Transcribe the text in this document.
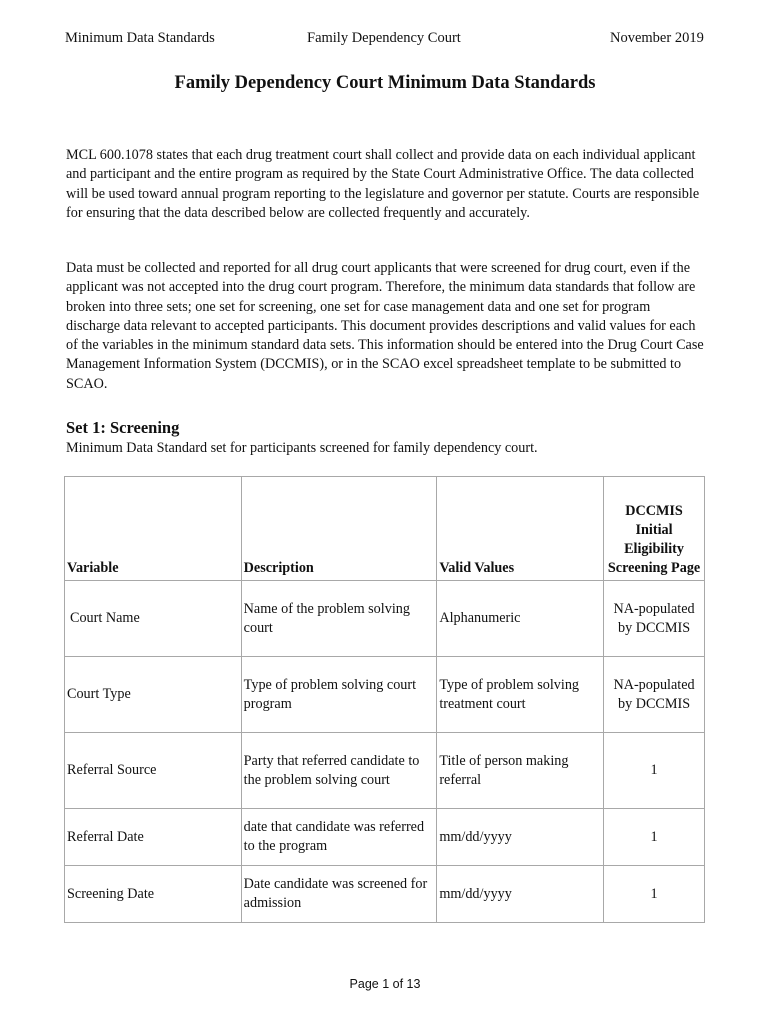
Minimum Data Standards	Family Dependency Court	November 2019
Family Dependency Court Minimum Data Standards

MCL 600.1078 states that each drug treatment court shall collect and provide data on each individual applicant and participant and the entire program as required by the State Court Administrative Office. The data collected will be used toward annual program reporting to the legislature and governor per statute. Courts are responsible for ensuring that the data described below are collected frequently and accurately.

Data must be collected and reported for all drug court applicants that were screened for drug court, even if the applicant was not accepted into the drug court program. Therefore, the minimum data standards that follow are broken into three sets; one set for screening, one set for case management data and one set for program discharge data relevant to accepted participants. This document provides descriptions and valid values for each of the variables in the minimum standard data sets. This information should be entered into the Drug Court Case Management Information System (DCCMIS), or in the SCAO excel spreadsheet template to be submitted to SCAO.

Set 1: Screening

Minimum Data Standard set for participants screened for family dependency court.

Variable	Description	Valid Values	DCCMIS Initial Eligibility Screening Page
Court Name	Name of the problem solving court	Alphanumeric	NA-populated by DCCMIS
Court Type	Type of problem solving court program	Type of problem solving treatment court	NA-populated by DCCMIS
Referral Source	Party that referred candidate to the problem solving court	Title of person making referral	1
Referral Date	date that candidate was referred to the program	mm/dd/yyyy	1
Screening Date	Date candidate was screened for admission	mm/dd/yyyy	1
Page 1 of 13
